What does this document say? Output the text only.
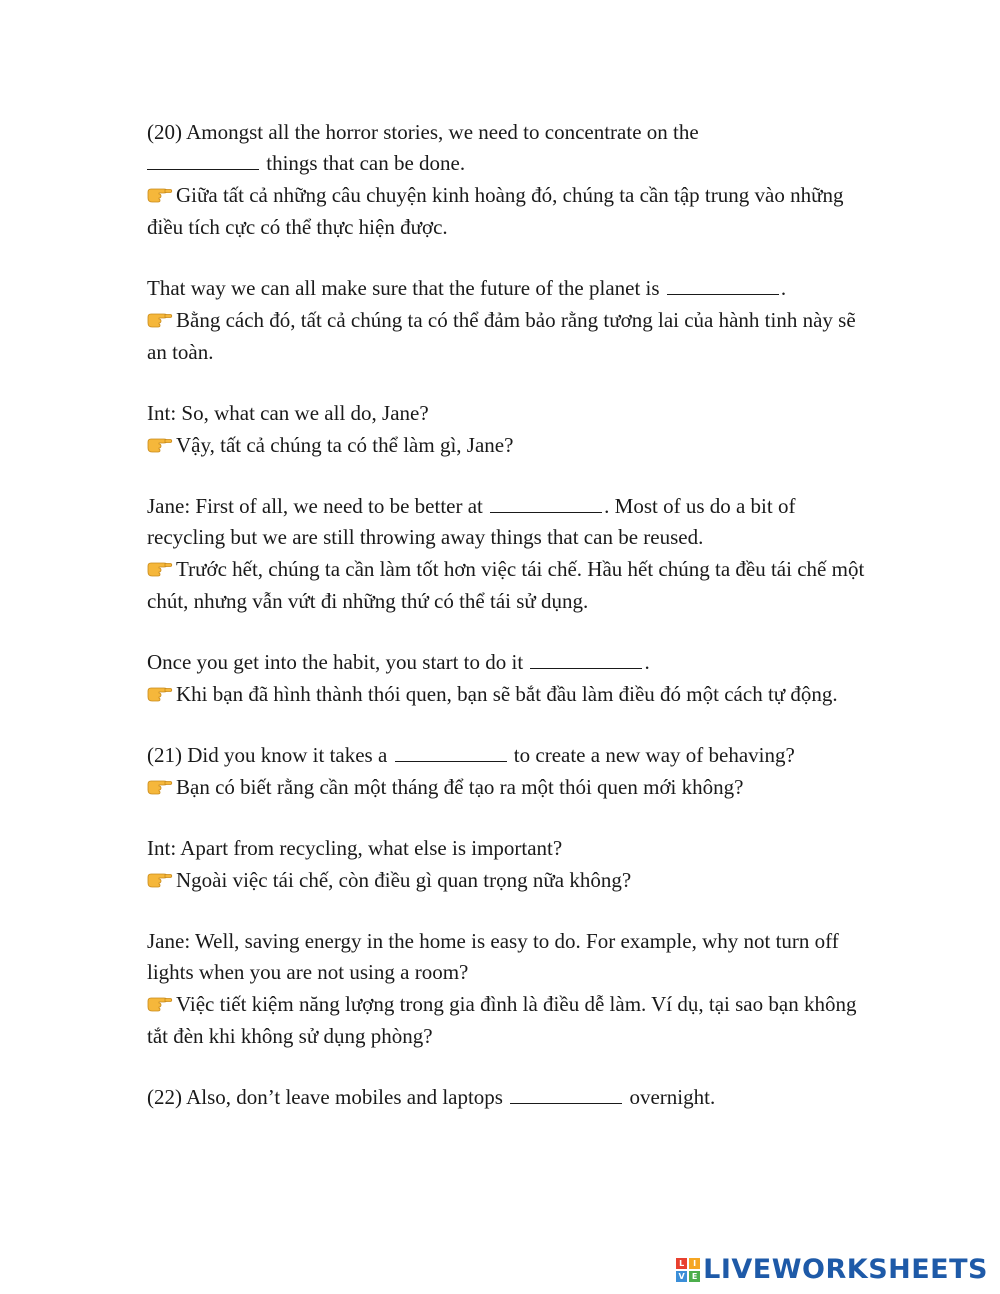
(20) Amongst all the horror stories, we need to concentrate on the
things that can be done.

Giữa tất cả những câu chuyện kinh hoàng đó, chúng ta cần tập trung vào những điều tích cực có thể thực hiện được.

That way we can all make sure that the future of the planet is	.

Bằng cách đó, tất cả chúng ta có thể đảm bảo rằng tương lai của hành tinh này sẽ an toàn.

Int: So, what can we all do, Jane?

Vậy, tất cả chúng ta có thể làm gì, Jane?

Jane: First of all, we need to be better at	. Most of us do a bit of recycling but we are still throwing away things that can be reused.

Trước hết, chúng ta cần làm tốt hơn việc tái chế. Hầu hết chúng ta đều tái chế một chút, nhưng vẫn vứt đi những thứ có thể tái sử dụng.

Once you get into the habit, you start to do it	.

Khi bạn đã hình thành thói quen, bạn sẽ bắt đầu làm điều đó một cách tự động.

(21) Did you know it takes a	to create a new way of behaving?

Bạn có biết rằng cần một tháng để tạo ra một thói quen mới không?

Int: Apart from recycling, what else is important?

Ngoài việc tái chế, còn điều gì quan trọng nữa không?

Jane: Well, saving energy in the home is easy to do. For example, why not turn off lights when you are not using a room?

Việc tiết kiệm năng lượng trong gia đình là điều dễ làm. Ví dụ, tại sao bạn không tắt đèn khi không sử dụng phòng?

(22) Also, don’t leave mobiles and laptops	overnight.

L	I
V E LIVEWORKSHEETS
